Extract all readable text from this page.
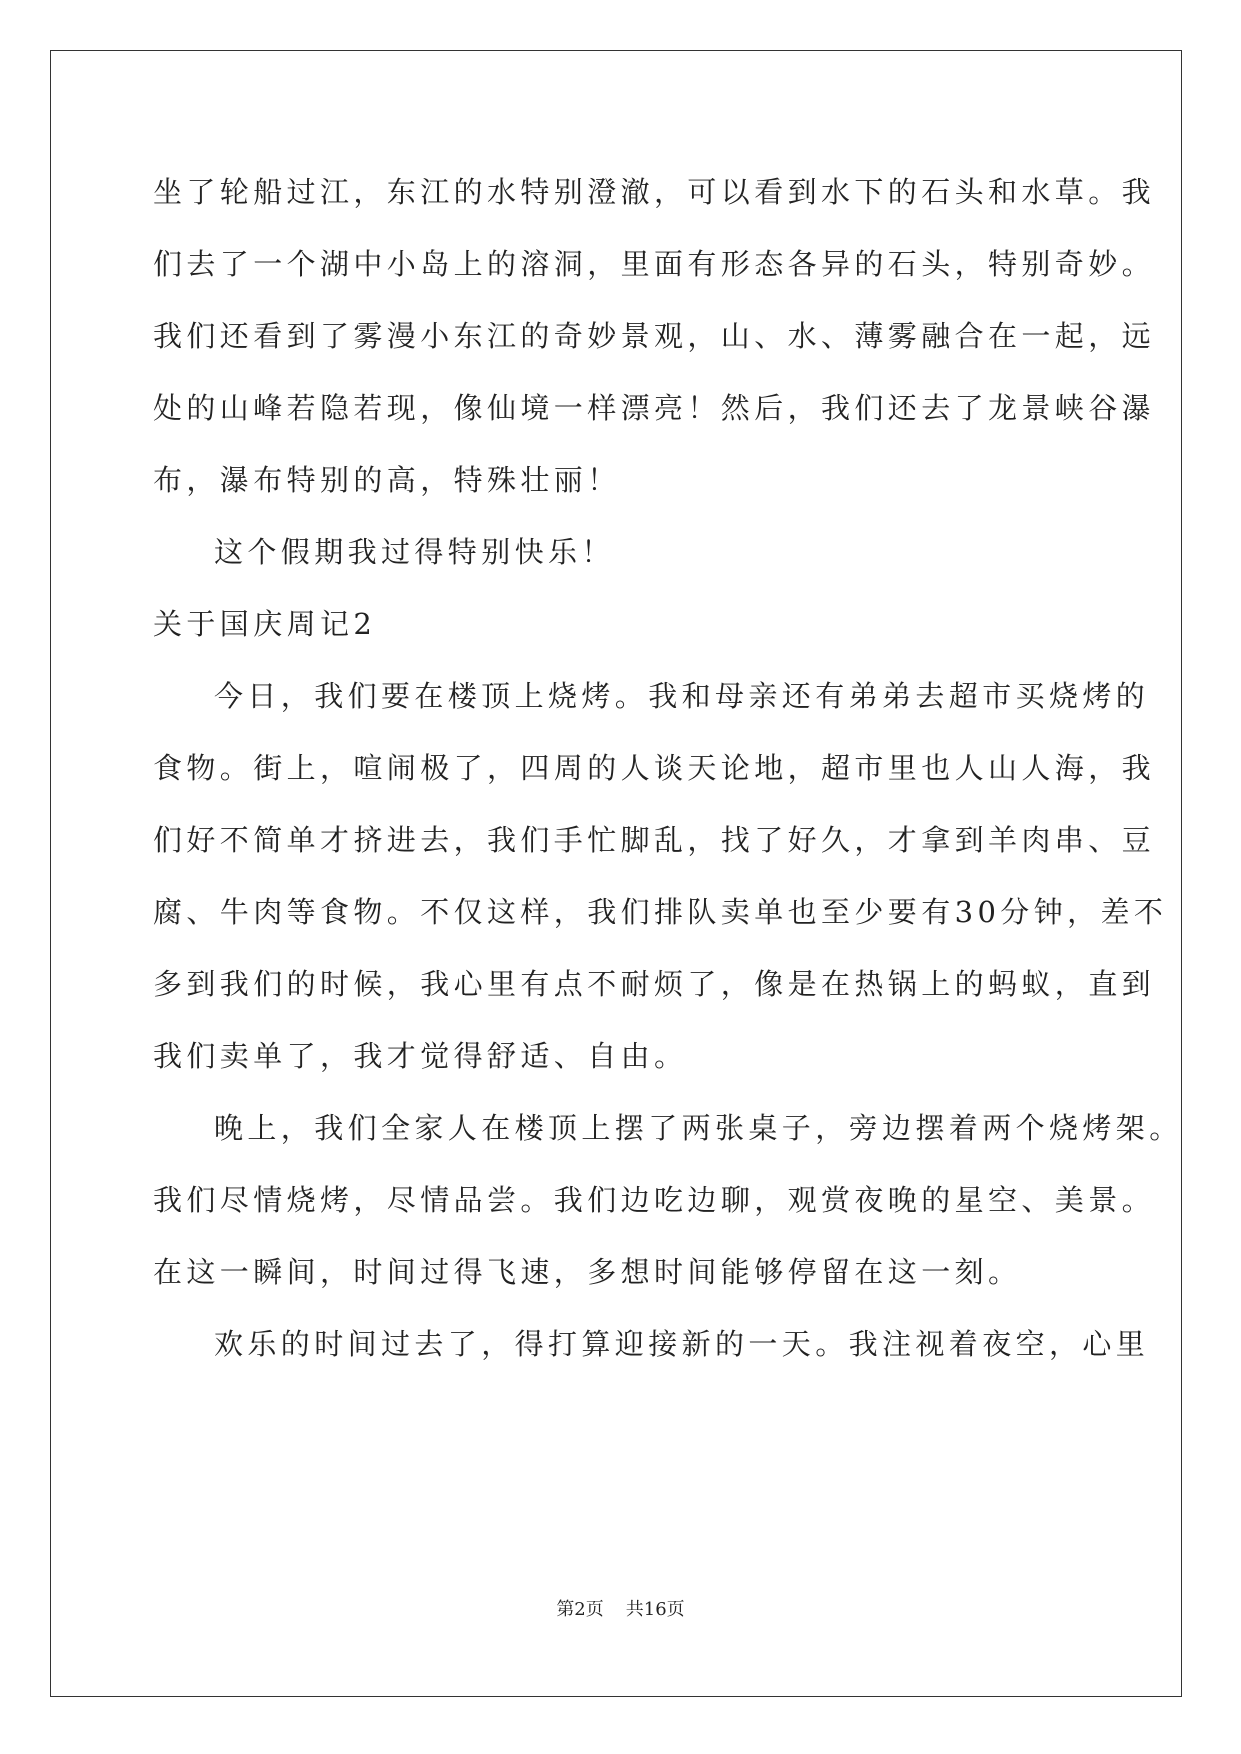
坐了轮船过江，东江的水特别澄澈，可以看到水下的石头和水草。我
们去了一个湖中小岛上的溶洞，里面有形态各异的石头，特别奇妙。
我们还看到了雾漫小东江的奇妙景观，山、水、薄雾融合在一起，远
处的山峰若隐若现，像仙境一样漂亮！然后，我们还去了龙景峡谷瀑
布，瀑布特别的高，特殊壮丽！
这个假期我过得特别快乐！
关于国庆周记2
今日，我们要在楼顶上烧烤。我和母亲还有弟弟去超市买烧烤的
食物。街上，喧闹极了，四周的人谈天论地，超市里也人山人海，我
们好不简单才挤进去，我们手忙脚乱，找了好久，才拿到羊肉串、豆
腐、牛肉等食物。不仅这样，我们排队卖单也至少要有30分钟，差不
多到我们的时候，我心里有点不耐烦了，像是在热锅上的蚂蚁，直到
我们卖单了，我才觉得舒适、自由。
晚上，我们全家人在楼顶上摆了两张桌子，旁边摆着两个烧烤架。
我们尽情烧烤，尽情品尝。我们边吃边聊，观赏夜晚的星空、美景。
在这一瞬间，时间过得飞速，多想时间能够停留在这一刻。
欢乐的时间过去了，得打算迎接新的一天。我注视着夜空，心里
第2页 共16页
